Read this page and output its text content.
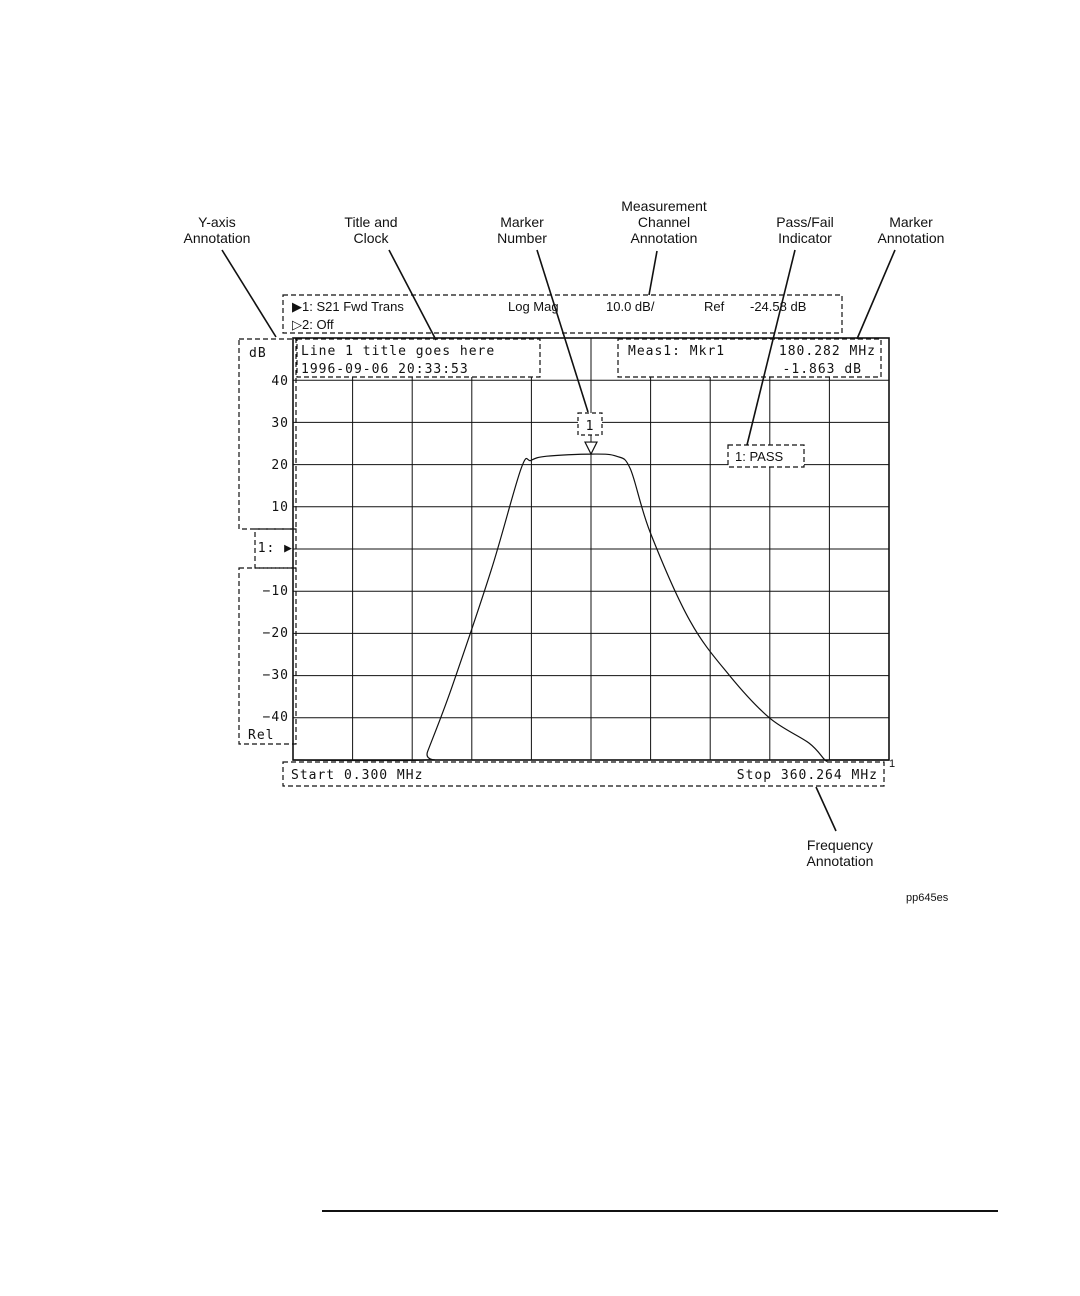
Y-axis
Annotation
Title and
Clock
Marker
Number
Measurement
Channel
Annotation
Pass/Fail
Indicator
Marker
Annotation
Frequency
Annotation
1
▶1: S21 Fwd Trans
▷2: Off
Log Mag	10.0 dB/	Ref -24.58 dB
Line 1 title goes here
1996-09-06 20:33:53
Meas1: Mkr1	180.282 MHz
-1.863 dB
1: PASS
dB
40
30
20
10
1: ▶
−10
−20
−30
−40
Rel
Start 0.300 MHz	Stop 360.264 MHz
1
pp645es
